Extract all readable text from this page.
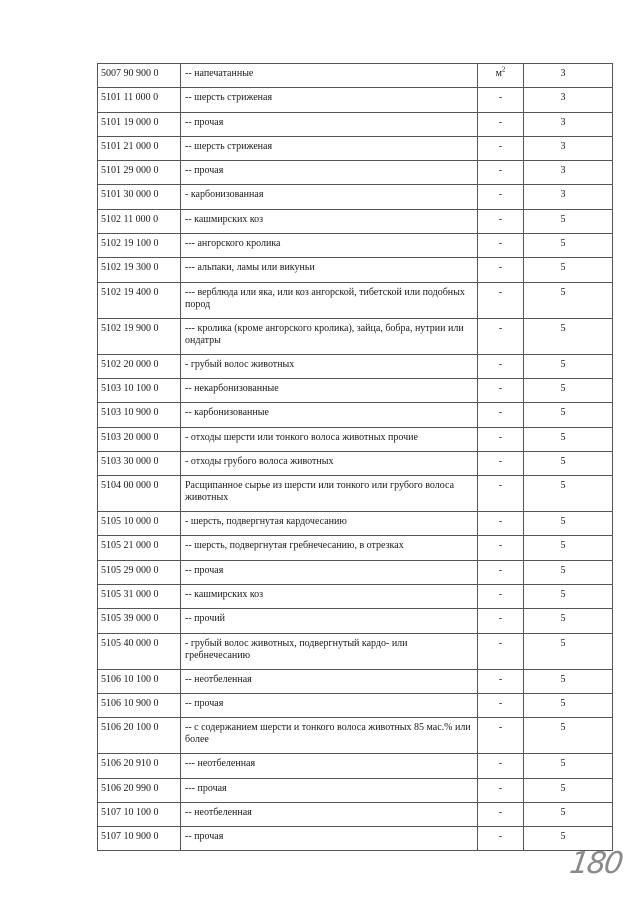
5007 90 900 0	-- напечатанные	$м^2$	3
5101 11 000 0	-- шерсть стриженая	-	3
5101 19 000 0	-- прочая	-	3
5101 21 000 0	-- шерсть стриженая	-	3
5101 29 000 0	-- прочая	-	3
5101 30 000 0	- карбонизованная	-	3
5102 11 000 0	-- кашмирских коз	-	5
5102 19 100 0	--- ангорского кролика	-	5
5102 19 300 0	--- альпаки, ламы или викуньи	-	5
5102 19 400 0	--- верблюда или яка, или коз ангорской, тибетской или подобных пород	-	5
5102 19 900 0	--- кролика (кроме ангорского кролика), зайца, бобра, нутрии или ондатры	-	5
5102 20 000 0	- грубый волос животных	-	5
5103 10 100 0	-- некарбонизованные	-	5
5103 10 900 0	-- карбонизованные	-	5
5103 20 000 0	- отходы шерсти или тонкого волоса животных прочие	-	5
5103 30 000 0	- отходы грубого волоса животных	-	5
5104 00 000 0	Расщипанное сырье из шерсти или тонкого или грубого волоса животных	-	5
5105 10 000 0	- шерсть, подвергнутая кардочесанию	-	5
5105 21 000 0	-- шерсть, подвергнутая гребнечесанию, в отрезках	-	5
5105 29 000 0	-- прочая	-	5
5105 31 000 0	-- кашмирских коз	-	5
5105 39 000 0	-- прочий	-	5
5105 40 000 0	- грубый волос животных, подвергнутый кардо- или гребнечесанию	-	5
5106 10 100 0	-- неотбеленная	-	5
5106 10 900 0	-- прочая	-	5
5106 20 100 0	-- с содержанием шерсти и тонкого волоса животных 85 мас.% или более	-	5
5106 20 910 0	--- неотбеленная	-	5
5106 20 990 0	--- прочая	-	5
5107 10 100 0	-- неотбеленная	-	5
5107 10 900 0	-- прочая	-	5
180
